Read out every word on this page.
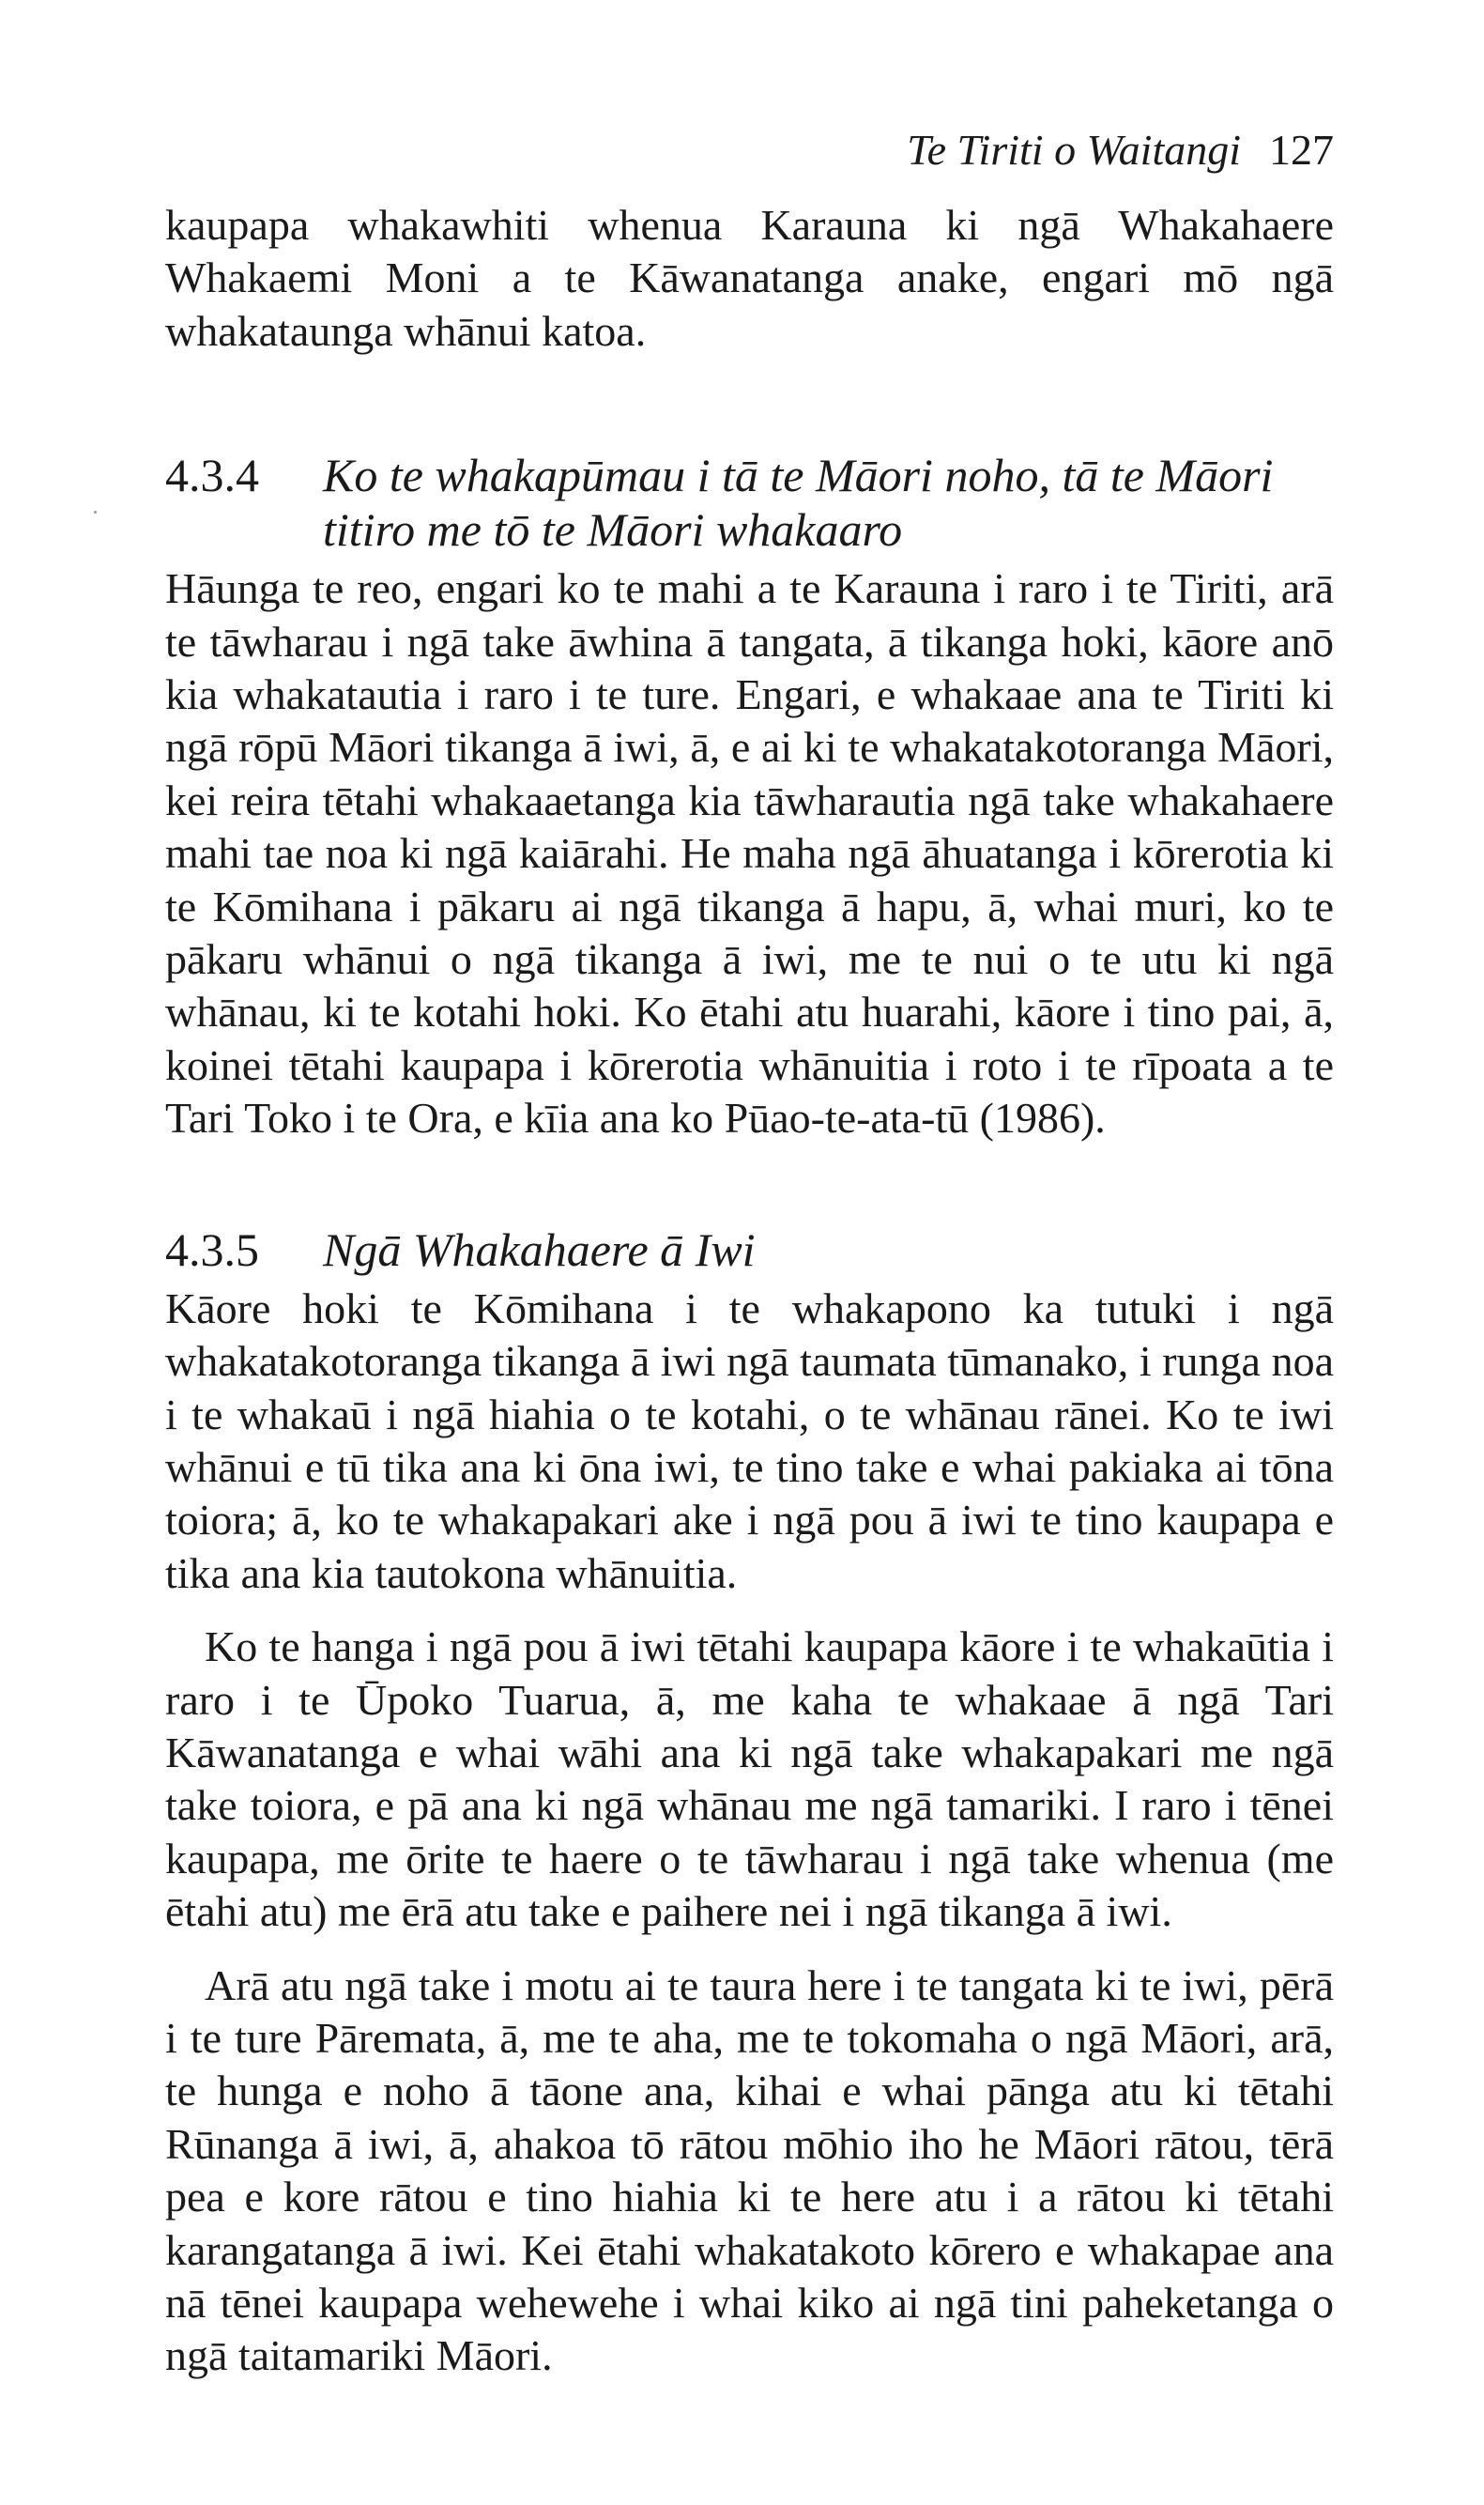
Te Tiriti o Waitangi 127

kaupapa whakawhiti whenua Karauna ki ngā Whakahaere Whakaemi Moni a te Kāwanatanga anake, engari mō ngā whakataunga whānui katoa.

4.3.4	Ko te whakapūmau i tā te Māori noho, tā te Māori titiro me tō te Māori whakaaro

Hāunga te reo, engari ko te mahi a te Karauna i raro i te Tiriti, arā te tāwharau i ngā take āwhina ā tangata, ā tikanga hoki, kāore anō kia whakatautia i raro i te ture. Engari, e whakaae ana te Tiriti ki ngā rōpū Māori tikanga ā iwi, ā, e ai ki te whakatakotoranga Māori, kei reira tētahi whakaaetanga kia tāwharautia ngā take whakahaere mahi tae noa ki ngā kaiārahi. He maha ngā āhuatanga i kōrerotia ki te Kōmihana i pākaru ai ngā tikanga ā hapu, ā, whai muri, ko te pākaru whānui o ngā tikanga ā iwi, me te nui o te utu ki ngā whānau, ki te kotahi hoki. Ko ētahi atu huarahi, kāore i tino pai, ā, koinei tētahi kaupapa i kōrerotia whānuitia i roto i te rīpoata a te Tari Toko i te Ora, e kīia ana ko Pūao-te-ata-tū (1986).

4.3.5	Ngā Whakahaere ā Iwi

Kāore hoki te Kōmihana i te whakapono ka tutuki i ngā whakatakotoranga tikanga ā iwi ngā taumata tūmanako, i runga noa i te whakaū i ngā hiahia o te kotahi, o te whānau rānei. Ko te iwi whānui e tū tika ana ki ōna iwi, te tino take e whai pakiaka ai tōna toiora; ā, ko te whakapakari ake i ngā pou ā iwi te tino kaupapa e tika ana kia tautokona whānuitia.

Ko te hanga i ngā pou ā iwi tētahi kaupapa kāore i te whakaūtia i raro i te Ūpoko Tuarua, ā, me kaha te whakaae ā ngā Tari Kāwanatanga e whai wāhi ana ki ngā take whakapakari me ngā take toiora, e pā ana ki ngā whānau me ngā tamariki. I raro i tēnei kaupapa, me ōrite te haere o te tāwharau i ngā take whenua (me ētahi atu) me ērā atu take e paihere nei i ngā tikanga ā iwi.

Arā atu ngā take i motu ai te taura here i te tangata ki te iwi, pērā i te ture Pāremata, ā, me te aha, me te tokomaha o ngā Māori, arā, te hunga e noho ā tāone ana, kihai e whai pānga atu ki tētahi Rūnanga ā iwi, ā, ahakoa tō rātou mōhio iho he Māori rātou, tērā pea e kore rātou e tino hiahia ki te here atu i a rātou ki tētahi karangatanga ā iwi. Kei ētahi whakatakoto kōrero e whakapae ana nā tēnei kaupapa wehewehe i whai kiko ai ngā tini paheketanga o ngā taitamariki Māori.
